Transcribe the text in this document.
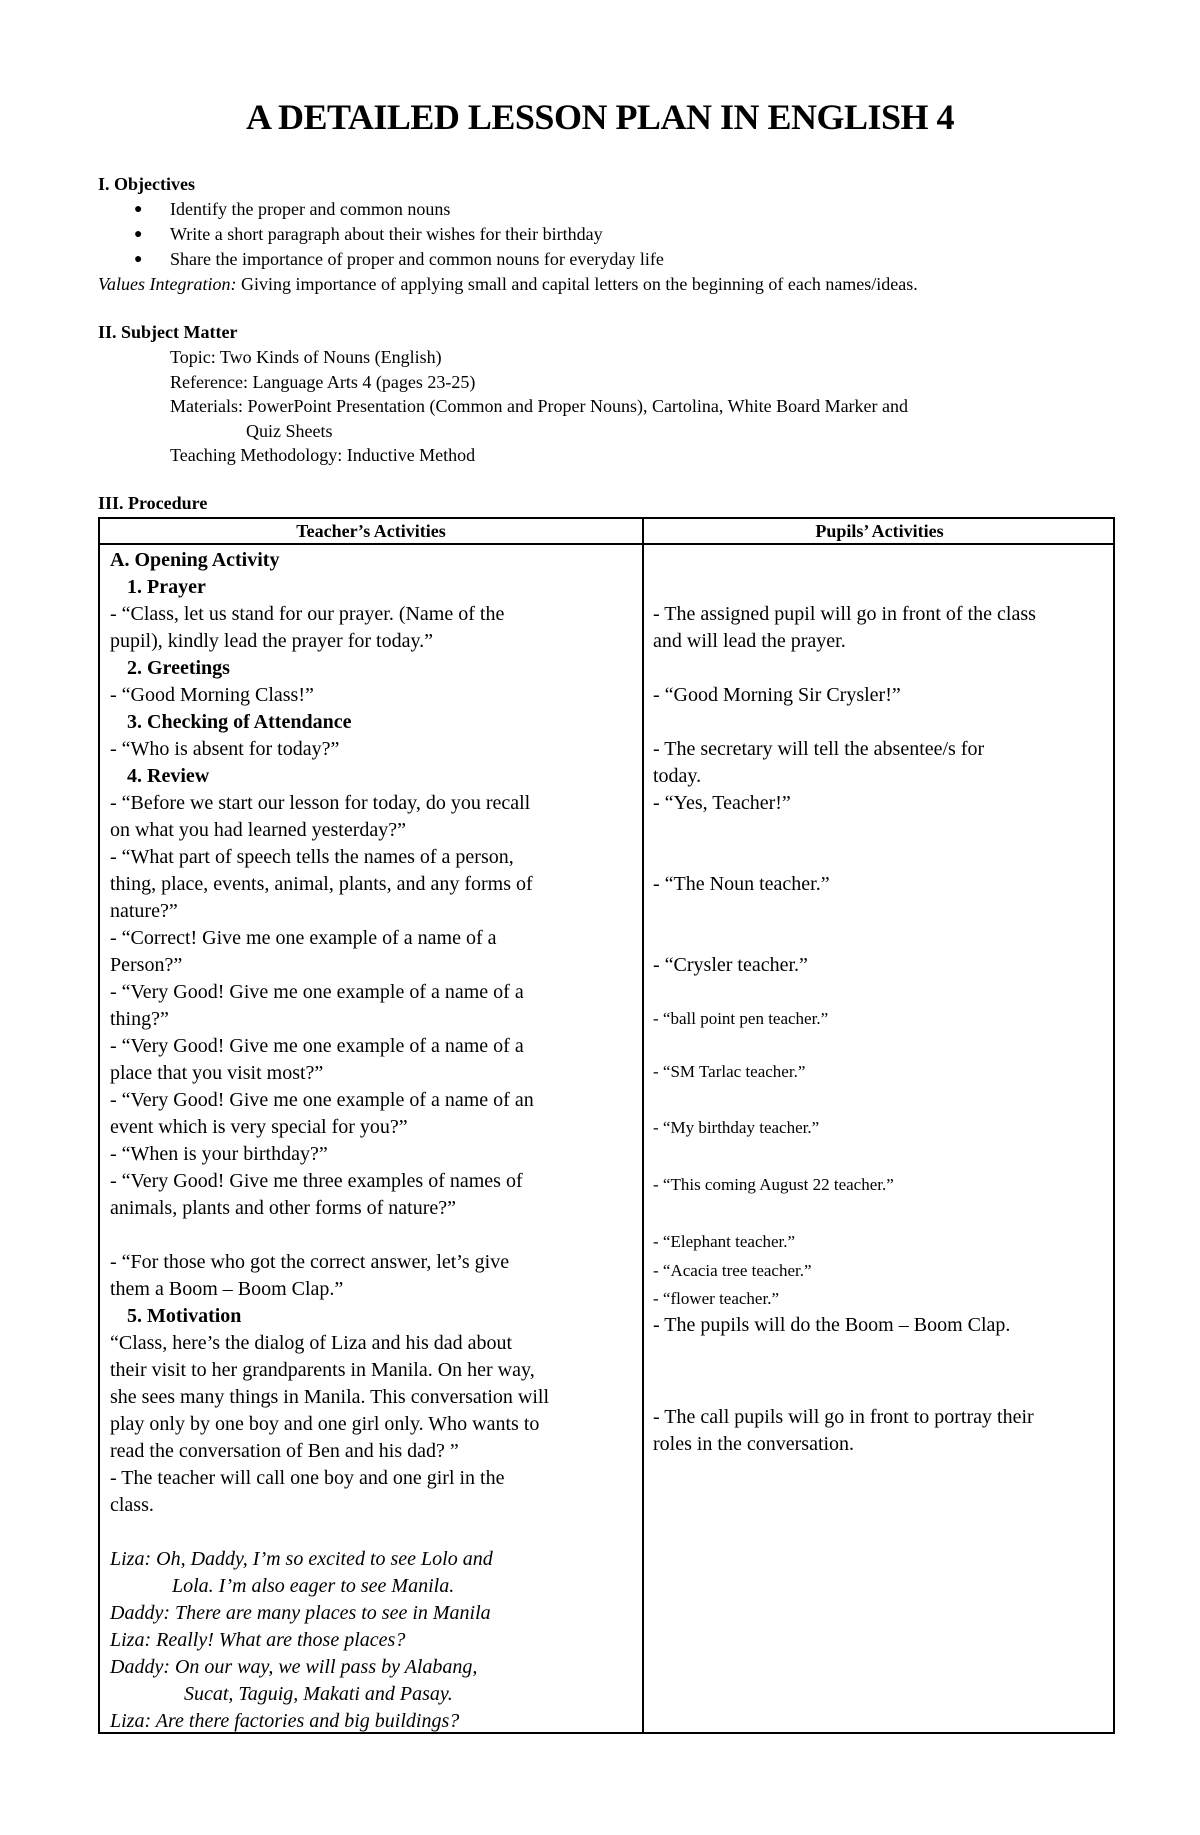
A DETAILED LESSON PLAN IN ENGLISH 4
I. Objectives
● Identify the proper and common nouns
● Write a short paragraph about their wishes for their birthday
● Share the importance of proper and common nouns for everyday life
Values Integration: Giving importance of applying small and capital letters on the beginning of each names/ideas.
II. Subject Matter
Topic: Two Kinds of Nouns (English)
Reference: Language Arts 4 (pages 23-25)
Materials: PowerPoint Presentation (Common and Proper Nouns), Cartolina, White Board Marker and
Quiz Sheets
Teaching Methodology: Inductive Method
III. Procedure
Teacher’s Activities	Pupils’ Activities
A. Opening Activity
1. Prayer
- “Class, let us stand for our prayer. (Name of the
pupil), kindly lead the prayer for today.”
2. Greetings
- “Good Morning Class!”
3. Checking of Attendance
- “Who is absent for today?”
4. Review
- “Before we start our lesson for today, do you recall
on what you had learned yesterday?”
- “What part of speech tells the names of a person,
thing, place, events, animal, plants, and any forms of
nature?”
- “Correct! Give me one example of a name of a
Person?”
- “Very Good! Give me one example of a name of a
thing?”
- “Very Good! Give me one example of a name of a
place that you visit most?”
- “Very Good! Give me one example of a name of an
event which is very special for you?”
- “When is your birthday?”
- “Very Good! Give me three examples of names of
animals, plants and other forms of nature?”

- “For those who got the correct answer, let’s give
them a Boom – Boom Clap.”
5. Motivation
“Class, here’s the dialog of Liza and his dad about
their visit to her grandparents in Manila. On her way,
she sees many things in Manila. This conversation will
play only by one boy and one girl only. Who wants to
read the conversation of Ben and his dad? ”
- The teacher will call one boy and one girl in the
class.

Liza: Oh, Daddy, I’m so excited to see Lolo and
Lola. I’m also eager to see Manila.
Daddy: There are many places to see in Manila
Liza: Really! What are those places?
Daddy: On our way, we will pass by Alabang,
Sucat, Taguig, Makati and Pasay.
Liza: Are there factories and big buildings?
- The assigned pupil will go in front of the class
and will lead the prayer.
- “Good Morning Sir Crysler!”
- The secretary will tell the absentee/s for
today.
- “Yes, Teacher!”
- “The Noun teacher.”
- “Crysler teacher.”
- “ball point pen teacher.”
- “SM Tarlac teacher.”
- “My birthday teacher.”
- “This coming August 22 teacher.”
- “Elephant teacher.”
- “Acacia tree teacher.”
- “flower teacher.”
- The pupils will do the Boom – Boom Clap.
- The call pupils will go in front to portray their
roles in the conversation.
